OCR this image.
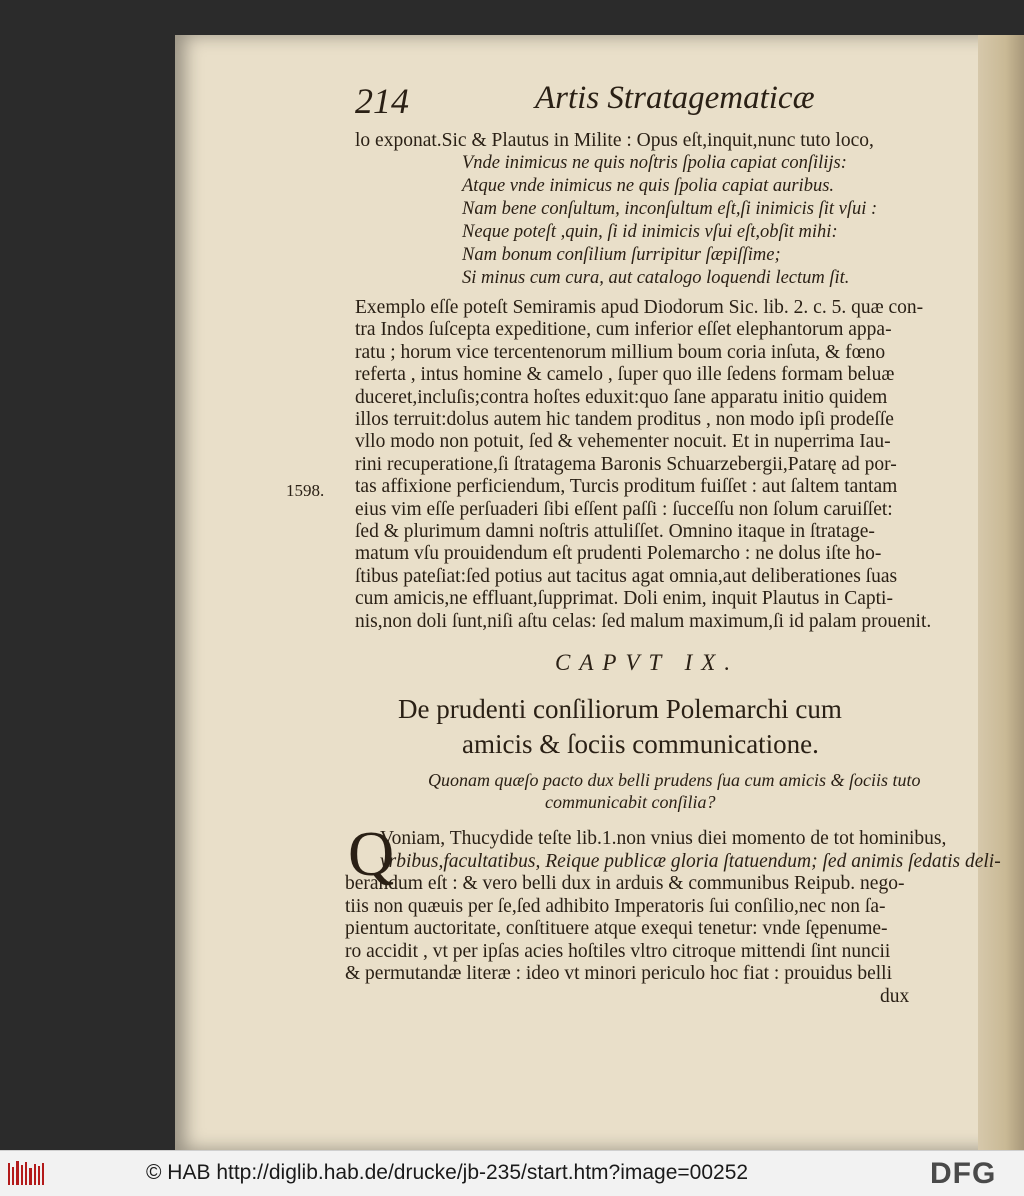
214	Artis Stratagematicæ
lo exponat.Sic & Plautus in Milite : Opus eſt,inquit,nunc tuto loco,
Vnde inimicus ne quis noſtris ſpolia capiat conſilijs:
Atque vnde inimicus ne quis ſpolia capiat auribus.
Nam bene conſultum, inconſultum eſt,ſi inimicis ſit vſui :
Neque poteſt ,quin, ſi id inimicis vſui eſt,obſit mihi:
Nam bonum conſilium ſurripitur ſæpiſſime;
Si minus cum cura, aut catalogo loquendi lectum ſit.
Exemplo eſſe poteſt Semiramis apud Diodorum Sic. lib. 2. c. 5. quæ con-
tra Indos ſuſcepta expeditione, cum inferior eſſet elephantorum appa-
ratu ; horum vice tercentenorum millium boum coria inſuta, & fœno
referta , intus homine & camelo , ſuper quo ille ſedens formam beluæ
duceret,incluſis;contra hoſtes eduxit:quo ſane apparatu initio quidem
illos terruit:dolus autem hic tandem proditus , non modo ipſi prodeſſe
vllo modo non potuit, ſed & vehementer nocuit. Et in nuperrima Iau-
rini recuperatione,ſi ſtratagema Baronis Schuarzebergii,Patarę ad por-
tas affixione perficiendum, Turcis proditum fuiſſet : aut ſaltem tantam
eius vim eſſe perſuaderi ſibi eſſent paſſi : ſucceſſu non ſolum caruiſſet:
ſed & plurimum damni noſtris attuliſſet. Omnino itaque in ſtratage-
matum vſu prouidendum eſt prudenti Polemarcho : ne dolus iſte ho-
ſtibus pateſiat:ſed potius aut tacitus agat omnia,aut deliberationes ſuas
cum amicis,ne effluant,ſupprimat. Doli enim, inquit Plautus in Capti-
nis,non doli ſunt,niſi aſtu celas: ſed malum maximum,ſi id palam prouenit.
1598.
CAPVT IX.
De prudenti conſiliorum Polemarchi cum
amicis & ſociis communicatione.
Quonam quæſo pacto dux belli prudens ſua cum amicis & ſociis tuto
communicabit conſilia?
Q
Voniam, Thucydide teſte lib.1.non vnius diei momento de tot hominibus,
vrbibus,facultatibus, Reique publicæ gloria ſtatuendum; ſed animis ſedatis deli-
berandum eſt : & vero belli dux in arduis & communibus Reipub. nego-
tiis non quæuis per ſe,ſed adhibito Imperatoris ſui conſilio,nec non ſa-
pientum auctoritate, conſtituere atque exequi tenetur: vnde ſępenume-
ro accidit , vt per ipſas acies hoſtiles vltro citroque mittendi ſint nuncii
& permutandæ literæ : ideo vt minori periculo hoc fiat : prouidus belli
dux
© HAB http://diglib.hab.de/drucke/jb-235/start.htm?image=00252	DFG
